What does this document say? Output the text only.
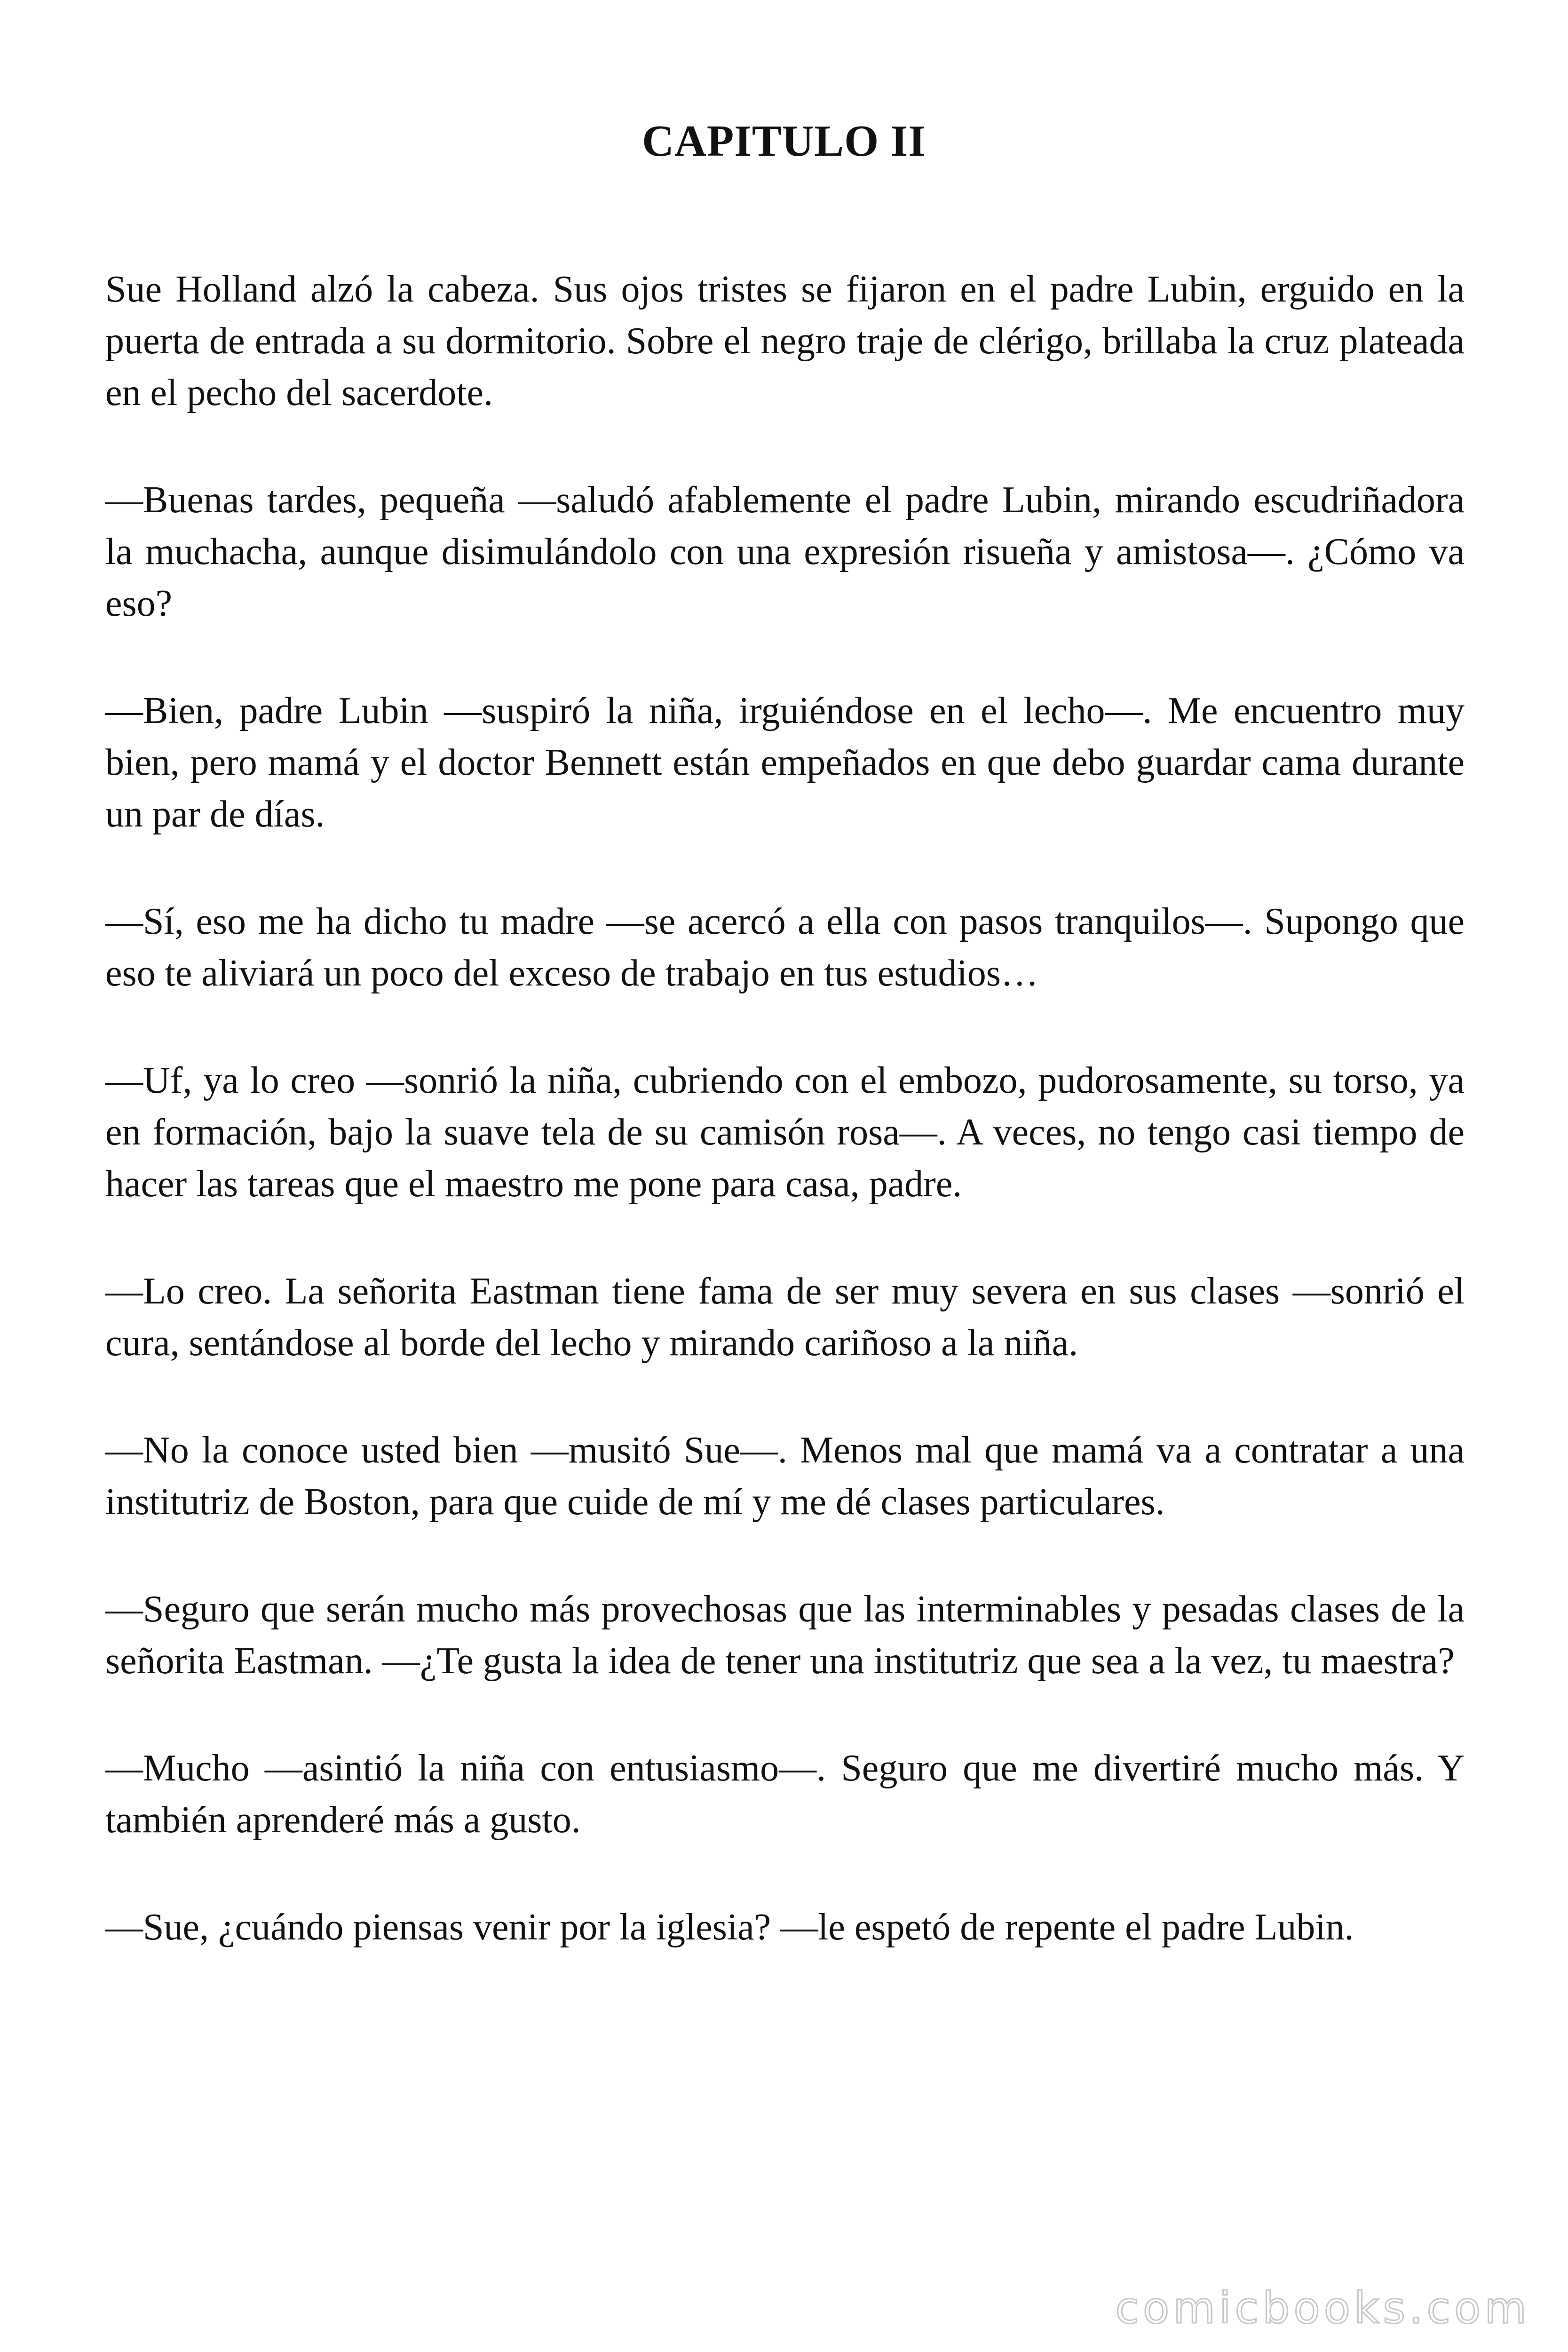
CAPITULO II

Sue Holland alzó la cabeza. Sus ojos tristes se fijaron en el padre Lubin, erguido en la puerta de entrada a su dormitorio. Sobre el negro traje de clérigo, brillaba la cruz plateada en el pecho del sacerdote.

—Buenas tardes, pequeña —saludó afablemente el padre Lubin, mirando escudriñadora la muchacha, aunque disimulándolo con una expresión risueña y amistosa—. ¿Cómo va eso?

—Bien, padre Lubin —suspiró la niña, irguiéndose en el lecho—. Me encuentro muy bien, pero mamá y el doctor Bennett están empeñados en que debo guardar cama durante un par de días.

—Sí, eso me ha dicho tu madre —se acercó a ella con pasos tranquilos—. Supongo que eso te aliviará un poco del exceso de trabajo en tus estudios…

—Uf, ya lo creo —sonrió la niña, cubriendo con el embozo, pudorosamente, su torso, ya en formación, bajo la suave tela de su camisón rosa—. A veces, no tengo casi tiempo de hacer las tareas que el maestro me pone para casa, padre.

—Lo creo. La señorita Eastman tiene fama de ser muy severa en sus clases —sonrió el cura, sentándose al borde del lecho y mirando cariñoso a la niña.

—No la conoce usted bien —musitó Sue—. Menos mal que mamá va a contratar a una institutriz de Boston, para que cuide de mí y me dé clases particulares.

—Seguro que serán mucho más provechosas que las interminables y pesadas clases de la señorita Eastman. —¿Te gusta la idea de tener una institutriz que sea a la vez, tu maestra?

—Mucho —asintió la niña con entusiasmo—. Seguro que me divertiré mucho más. Y también aprenderé más a gusto.

—Sue, ¿cuándo piensas venir por la iglesia? —le espetó de repente el padre Lubin.

comicbooks.com
